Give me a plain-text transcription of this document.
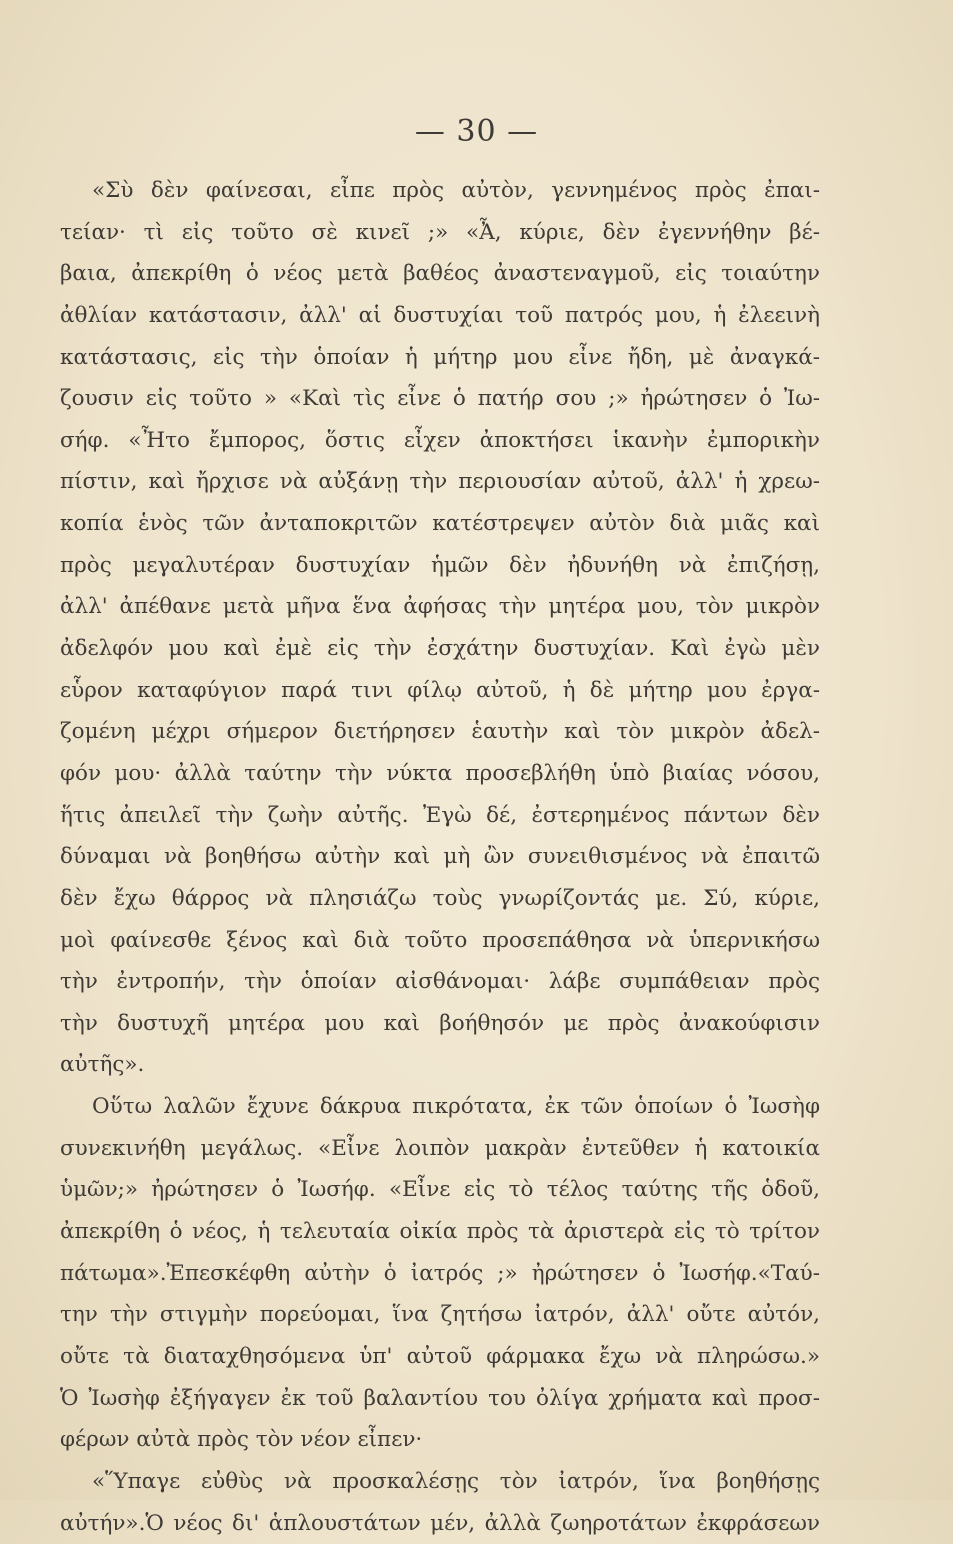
— 30 —
«Σὺ δὲν φαίνεσαι, εἶπε πρὸς αὐτὸν, γεννημένος πρὸς ἐπαι-
τείαν· τὶ εἰς τοῦτο σὲ κινεῖ ;» «Ἆ, κύριε, δὲν ἐγεννήθην βέ-
βαια, ἀπεκρίθη ὁ νέος μετὰ βαθέος ἀναστεναγμοῦ, εἰς τοιαύτην
ἀθλίαν κατάστασιν, ἀλλ' αἱ δυστυχίαι τοῦ πατρός μου, ἡ ἐλεεινὴ
κατάστασις, εἰς τὴν ὁποίαν ἡ μήτηρ μου εἶνε ἤδη, μὲ ἀναγκά-
ζουσιν εἰς τοῦτο » «Καὶ τὶς εἶνε ὁ πατήρ σου ;» ἠρώτησεν ὁ Ἰω-
σήφ. «Ἦτο ἔμπορος, ὅστις εἶχεν ἀποκτήσει ἱκανὴν ἐμπορικὴν
πίστιν, καὶ ἤρχισε νὰ αὐξάνῃ τὴν περιουσίαν αὐτοῦ, ἀλλ' ἡ χρεω-
κοπία ἑνὸς τῶν ἀνταποκριτῶν κατέστρεψεν αὐτὸν διὰ μιᾶς καὶ
πρὸς μεγαλυτέραν δυστυχίαν ἡμῶν δὲν ἠδυνήθη νὰ ἐπιζήσῃ,
ἀλλ' ἀπέθανε μετὰ μῆνα ἕνα ἀφήσας τὴν μητέρα μου, τὸν μικρὸν
ἀδελφόν μου καὶ ἐμὲ εἰς τὴν ἐσχάτην δυστυχίαν. Καὶ ἐγὼ μὲν
εὗρον καταφύγιον παρά τινι φίλῳ αὐτοῦ, ἡ δὲ μήτηρ μου ἐργα-
ζομένη μέχρι σήμερον διετήρησεν ἑαυτὴν καὶ τὸν μικρὸν ἀδελ-
φόν μου· ἀλλὰ ταύτην τὴν νύκτα προσεβλήθη ὑπὸ βιαίας νόσου,
ἥτις ἀπειλεῖ τὴν ζωὴν αὐτῆς. Ἐγὼ δέ, ἐστερημένος πάντων δὲν
δύναμαι νὰ βοηθήσω αὐτὴν καὶ μὴ ὢν συνειθισμένος νὰ ἐπαιτῶ
δὲν ἔχω θάρρος νὰ πλησιάζω τοὺς γνωρίζοντάς με. Σύ, κύριε,
μοὶ φαίνεσθε ξένος καὶ διὰ τοῦτο προσεπάθησα νὰ ὑπερνικήσω
τὴν ἐντροπήν, τὴν ὁποίαν αἰσθάνομαι· λάβε συμπάθειαν πρὸς
τὴν δυστυχῆ μητέρα μου καὶ βοήθησόν με πρὸς ἀνακούφισιν
αὐτῆς».
Οὕτω λαλῶν ἔχυνε δάκρυα πικρότατα, ἐκ τῶν ὁποίων ὁ Ἰωσὴφ
συνεκινήθη μεγάλως. «Εἶνε λοιπὸν μακρὰν ἐντεῦθεν ἡ κατοικία
ὑμῶν;» ἠρώτησεν ὁ Ἰωσήφ. «Εἶνε εἰς τὸ τέλος ταύτης τῆς ὁδοῦ,
ἀπεκρίθη ὁ νέος, ἡ τελευταία οἰκία πρὸς τὰ ἀριστερὰ εἰς τὸ τρίτον
πάτωμα».Ἐπεσκέφθη αὐτὴν ὁ ἰατρός ;» ἠρώτησεν ὁ Ἰωσήφ.«Ταύ-
την τὴν στιγμὴν πορεύομαι, ἵνα ζητήσω ἰατρόν, ἀλλ' οὔτε αὐτόν,
οὔτε τὰ διαταχθησόμενα ὑπ' αὐτοῦ φάρμακα ἔχω νὰ πληρώσω.»
Ὁ Ἰωσὴφ ἐξήγαγεν ἐκ τοῦ βαλαντίου του ὀλίγα χρήματα καὶ προσ-
φέρων αὐτὰ πρὸς τὸν νέον εἶπεν·
«Ὕπαγε εὐθὺς νὰ προσκαλέσῃς τὸν ἰατρόν, ἵνα βοηθήσῃς
αὐτήν».Ὁ νέος δι' ἁπλουστάτων μέν, ἀλλὰ ζωηροτάτων ἐκφράσεων
